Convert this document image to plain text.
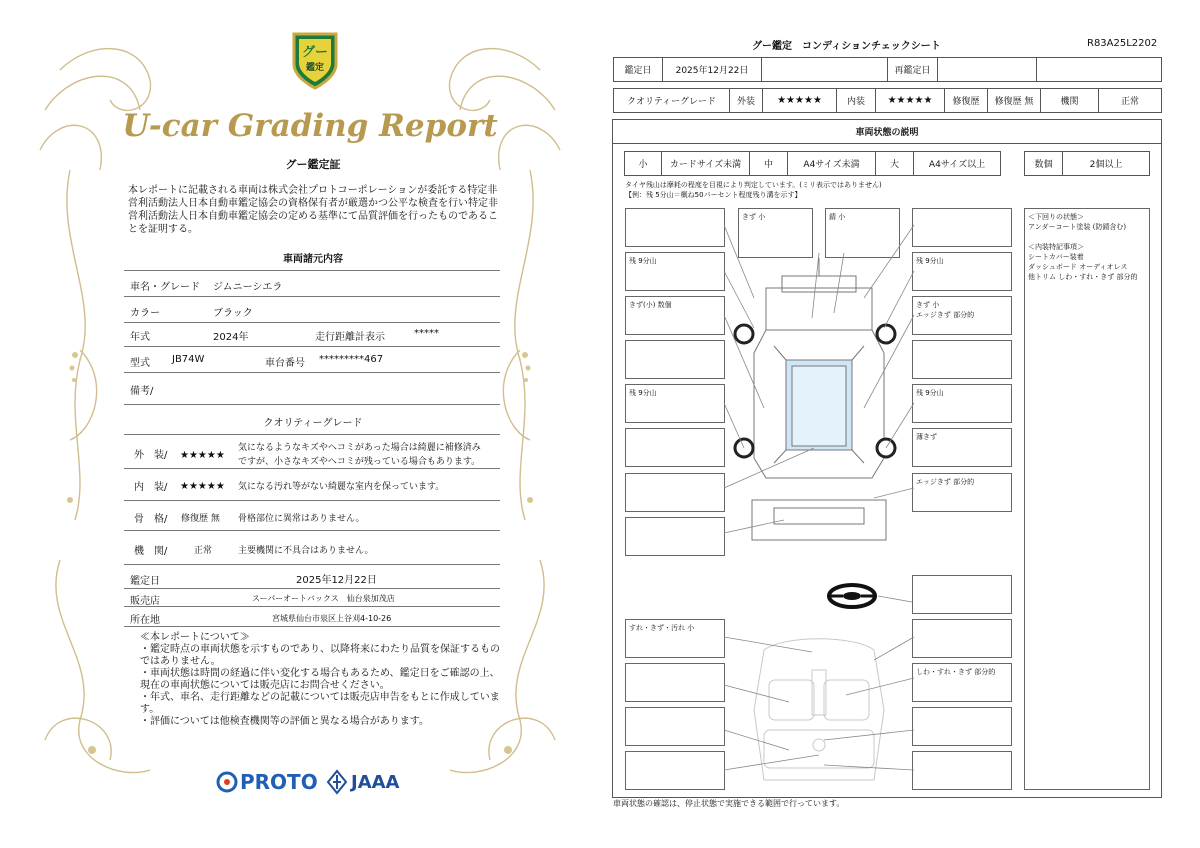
グー
鑑定
U-car Grading Report
グー鑑定証
本レポートに記載される車両は株式会社プロトコーポレーションが委託する特定非営利活動法人日本自動車鑑定協会の資格保有者が厳選かつ公平な検査を行い特定非営利活動法人日本自動車鑑定協会の定める基準にて品質評価を行ったものであることを証明する。
車両諸元内容
車名・グレード ジムニーシエラ
カラー	ブラック
年式	2024年	走行距離計表示	*****
型式 JB74W	車台番号 *********467
備考/
クオリティーグレード
外　装/ ★★★★★
気になるようなキズやヘコミがあった場合は綺麗に補修済み
ですが、小さなキズやヘコミが残っている場合もあります。
内　装/ ★★★★★ 気になる汚れ等がない綺麗な室内を保っています。
骨　格/ 修復歴 無 骨格部位に異常はありません。
機　関/	正常	主要機関に不具合はありません。
鑑定日	2025年12月22日
販売店	スーパーオートバックス　仙台泉加茂店
所在地	宮城県仙台市泉区上谷刈4-10-26
≪本レポートについて≫
・鑑定時点の車両状態を示すものであり、以降将来にわたり品質を保証するものではありません。
・車両状態は時間の経過に伴い変化する場合もあるため、鑑定日をご確認の上、現在の車両状態については販売店にお問合せください。
・年式、車名、走行距離などの記載については販売店申告をもとに作成しています。
・評価については他検査機関等の評価と異なる場合があります。
PROTO JAAA
グー鑑定　コンディションチェックシート	R83A25L2202
鑑定日	2025年12月22日	再鑑定日
クオリティーグレード	外装	★★★★★	内装	★★★★★	修復歴	修復歴 無	機関	正常
車両状態の説明
小	カードサイズ未満	中	A4サイズ未満	大	A4サイズ以上	数個	2個以上
タイヤ残山は摩耗の程度を目視により判定しています。(ミリ表示ではありません)
【例：残 5分山＝概ね50パーセント程度残り溝を示す】
＜下回りの状態＞
アンダーコート塗装 (防錆含む)
＜内装特記事項＞
シートカバー装着
ダッシュボード オーディオレス
他トリム しわ・すれ・きず 部分的
残 9分山
きず(小) 数個
残 9分山
きず 小	錆 小
残 9分山
きず 小
エッジきず 部分的
残 9分山
薄きず
エッジきず 部分的
すれ・きず・汚れ 小
しわ・すれ・きず 部分的
車両状態の確認は、停止状態で実施できる範囲で行っています。
